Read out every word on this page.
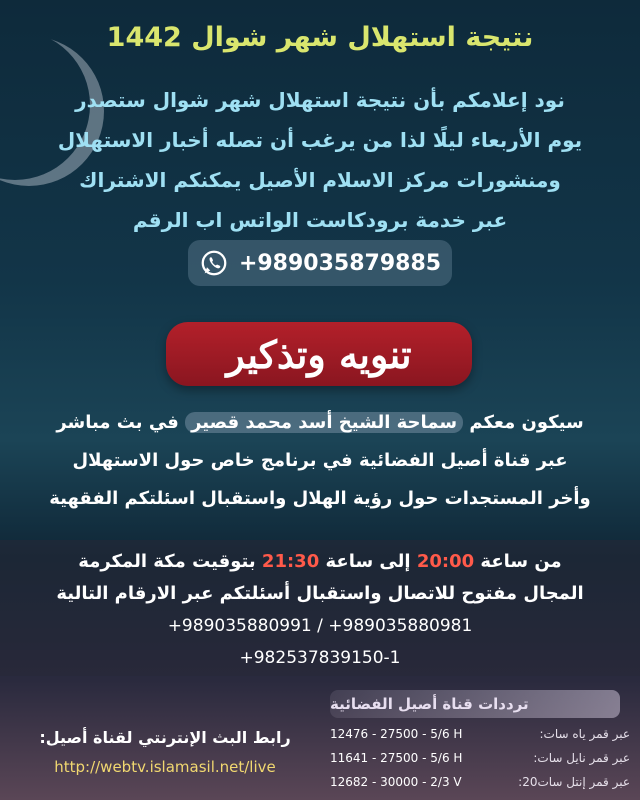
نتيجة استهلال شهر شوال 1442
نود إعلامكم بأن نتيجة استهلال شهر شوال ستصدر
يوم الأربعاء ليلًا لذا من يرغب أن تصله أخبار الاستهلال
ومنشورات مركز الاسلام الأصيل يمكنكم الاشتراك
عبر خدمة برودكاست الواتس اب الرقم
+989035879885
تنويه وتذكير
سيكون معكم سماحة الشيخ أسد محمد قصير في بث مباشر
عبر قناة أصيل الفضائية في برنامج خاص حول الاستهلال
وأخر المستجدات حول رؤية الهلال واستقبال اسئلتكم الفقهية
من ساعة 20:00 إلى ساعة 21:30 بتوقيت مكة المكرمة
المجال مفتوح للاتصال واستقبال أسئلتكم عبر الارقام التالية
+989035880991 / +989035880981
+982537839150-1
ترددات قناة أصيل الفضائية
عبر قمر ياه سات:
12476 - 27500 - 5/6 H
عبر قمر نايل سات:
11641 - 27500 - 5/6 H
عبر قمر إنتل سات20:
12682 - 30000 - 2/3 V
رابط البث الإنترنتي لقناة أصيل:
http://webtv.islamasil.net/live
